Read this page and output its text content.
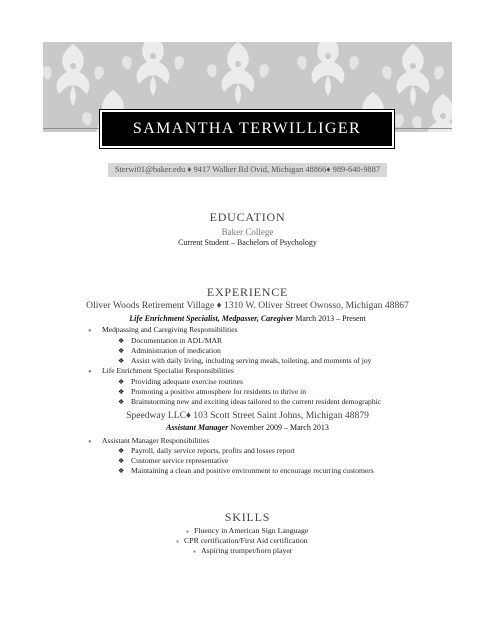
SAMANTHA TERWILLIGER
Sterwi01@baker.edu ♦ 9417 Walker Rd Ovid, Michigan 48866♦ 989-640-9887
EDUCATION
Baker College
Current Student – Bachelors of Psychology
EXPERIENCE
Oliver Woods Retirement Village ♦ 1310 W. Oliver Street Owosso, Michigan 48867
Life Enrichment Specialist, Medpasser, Caregiver March 2013 – Present
● Medpassing and Caregiving Responsibilities
❖ Documentation in ADL/MAR
❖ Administration of medication
❖ Assist with daily living, including serving meals, toileting, and moments of joy
● Life Enrichment Specialist Responsibilities
❖ Providing adequate exercise routines
❖ Promoting a positive atmosphere for residents to thrive in
❖ Brainstorming new and exciting ideas tailored to the current resident demographic
Speedway LLC♦ 103 Scott Street Saint Johns, Michigan 48879
Assistant Manager November 2009 – March 2013
● Assistant Manager Responsibilities
❖ Payroll, daily service reports, profits and losses report
❖ Customer service representative
❖ Maintaining a clean and positive environment to encourage recurring customers
SKILLS
● Fluency in American Sign Language
● CPR certification/First Aid certification
● Aspiring trumpet/horn player
